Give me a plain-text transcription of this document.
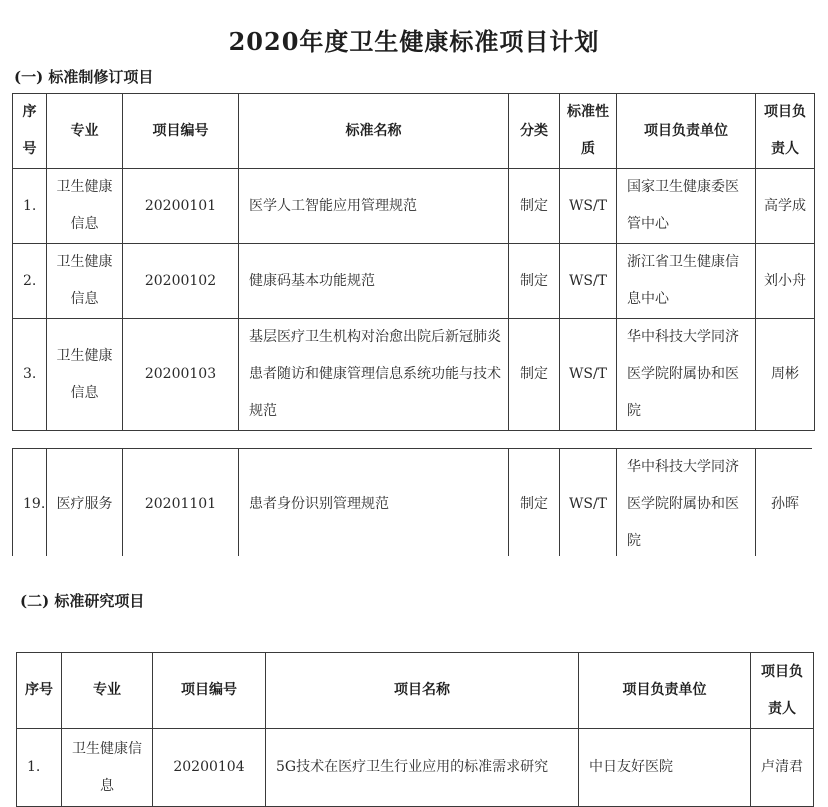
2020年度卫生健康标准项目计划
(一) 标准制修订项目
序号	专业	项目编号	标准名称	分类	标准性质	项目负责单位	项目负责人
1.	卫生健康信息	20200101	医学人工智能应用管理规范	制定	WS/T	国家卫生健康委医管中心	高学成
2.	卫生健康信息	20200102	健康码基本功能规范	制定	WS/T	浙江省卫生健康信息中心	刘小舟
3.	卫生健康信息	20200103	基层医疗卫生机构对治愈出院后新冠肺炎患者随访和健康管理信息系统功能与技术规范	制定	WS/T	华中科技大学同济医学院附属协和医院	周彬
19.	医疗服务	20201101	患者身份识别管理规范	制定	WS/T	华中科技大学同济医学院附属协和医院	孙晖
(二) 标准研究项目
序号	专业	项目编号	项目名称	项目负责单位	项目负责人
1.	卫生健康信息	20200104	5G技术在医疗卫生行业应用的标准需求研究	中日友好医院	卢清君
